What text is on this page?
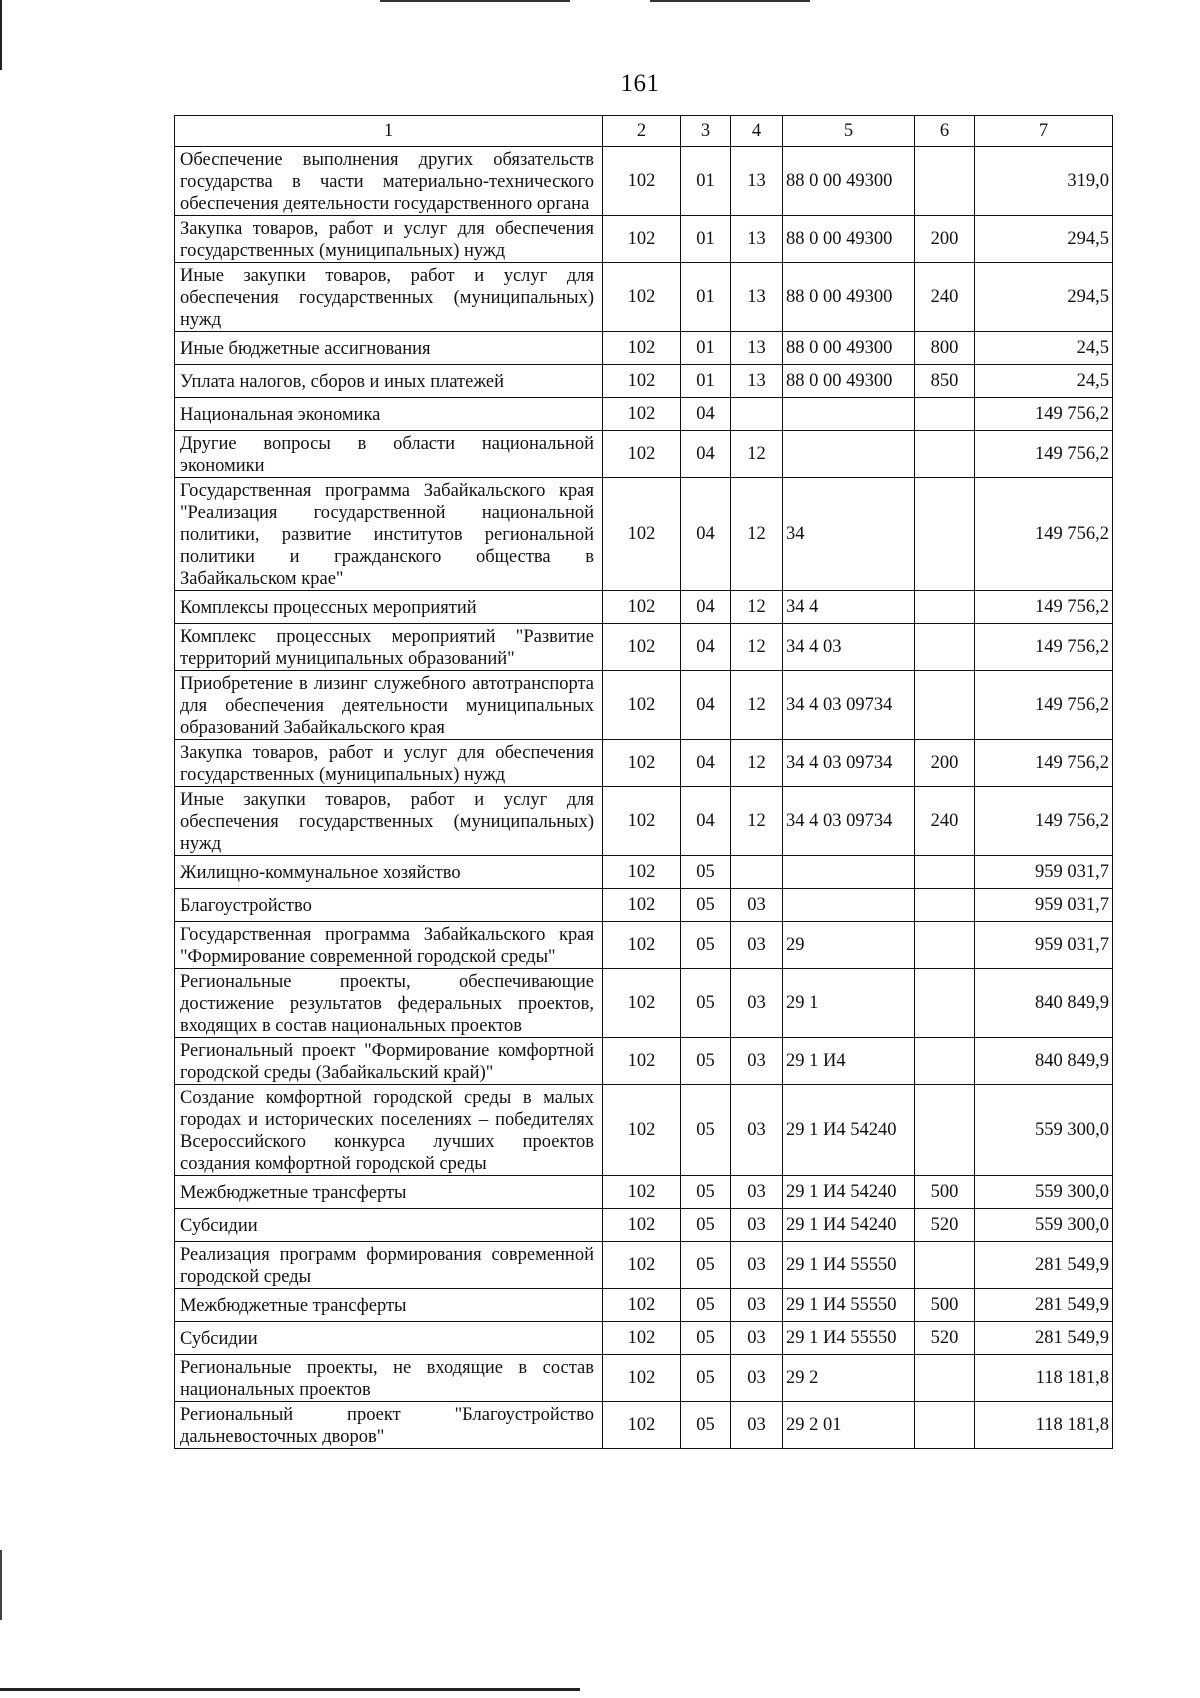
161
1	2	3	4	5	6	7
Обеспечение выполнения других обязательств государства в части материально-технического обеспечения деятельности государственного органа	102	01	13	88 0 00 49300		319,0
Закупка товаров, работ и услуг для обеспечения государственных (муниципальных) нужд	102	01	13	88 0 00 49300	200	294,5
Иные закупки товаров, работ и услуг для обеспечения государственных (муниципальных) нужд	102	01	13	88 0 00 49300	240	294,5
Иные бюджетные ассигнования	102	01	13	88 0 00 49300	800	24,5
Уплата налогов, сборов и иных платежей	102	01	13	88 0 00 49300	850	24,5
Национальная экономика	102	04				149 756,2
Другие вопросы в области национальной экономики	102	04	12			149 756,2
Государственная программа Забайкальского края "Реализация государственной национальной политики, развитие институтов региональной политики и гражданского общества в Забайкальском крае"	102	04	12	34		149 756,2
Комплексы процессных мероприятий	102	04	12	34 4		149 756,2
Комплекс процессных мероприятий "Развитие территорий муниципальных образований"	102	04	12	34 4 03		149 756,2
Приобретение в лизинг служебного автотранспорта для обеспечения деятельности муниципальных образований Забайкальского края	102	04	12	34 4 03 09734		149 756,2
Закупка товаров, работ и услуг для обеспечения государственных (муниципальных) нужд	102	04	12	34 4 03 09734	200	149 756,2
Иные закупки товаров, работ и услуг для обеспечения государственных (муниципальных) нужд	102	04	12	34 4 03 09734	240	149 756,2
Жилищно-коммунальное хозяйство	102	05				959 031,7
Благоустройство	102	05	03			959 031,7
Государственная программа Забайкальского края "Формирование современной городской среды"	102	05	03	29		959 031,7
Региональные проекты, обеспечивающие достижение результатов федеральных проектов, входящих в состав национальных проектов	102	05	03	29 1		840 849,9
Региональный проект "Формирование комфортной городской среды (Забайкальский край)"	102	05	03	29 1 И4		840 849,9
Создание комфортной городской среды в малых городах и исторических поселениях – победителях Всероссийского конкурса лучших проектов создания комфортной городской среды	102	05	03	29 1 И4 54240		559 300,0
Межбюджетные трансферты	102	05	03	29 1 И4 54240	500	559 300,0
Субсидии	102	05	03	29 1 И4 54240	520	559 300,0
Реализация программ формирования современной городской среды	102	05	03	29 1 И4 55550		281 549,9
Межбюджетные трансферты	102	05	03	29 1 И4 55550	500	281 549,9
Субсидии	102	05	03	29 1 И4 55550	520	281 549,9
Региональные проекты, не входящие в состав национальных проектов	102	05	03	29 2		118 181,8
Региональный проект "Благоустройство дальневосточных дворов"	102	05	03	29 2 01		118 181,8
